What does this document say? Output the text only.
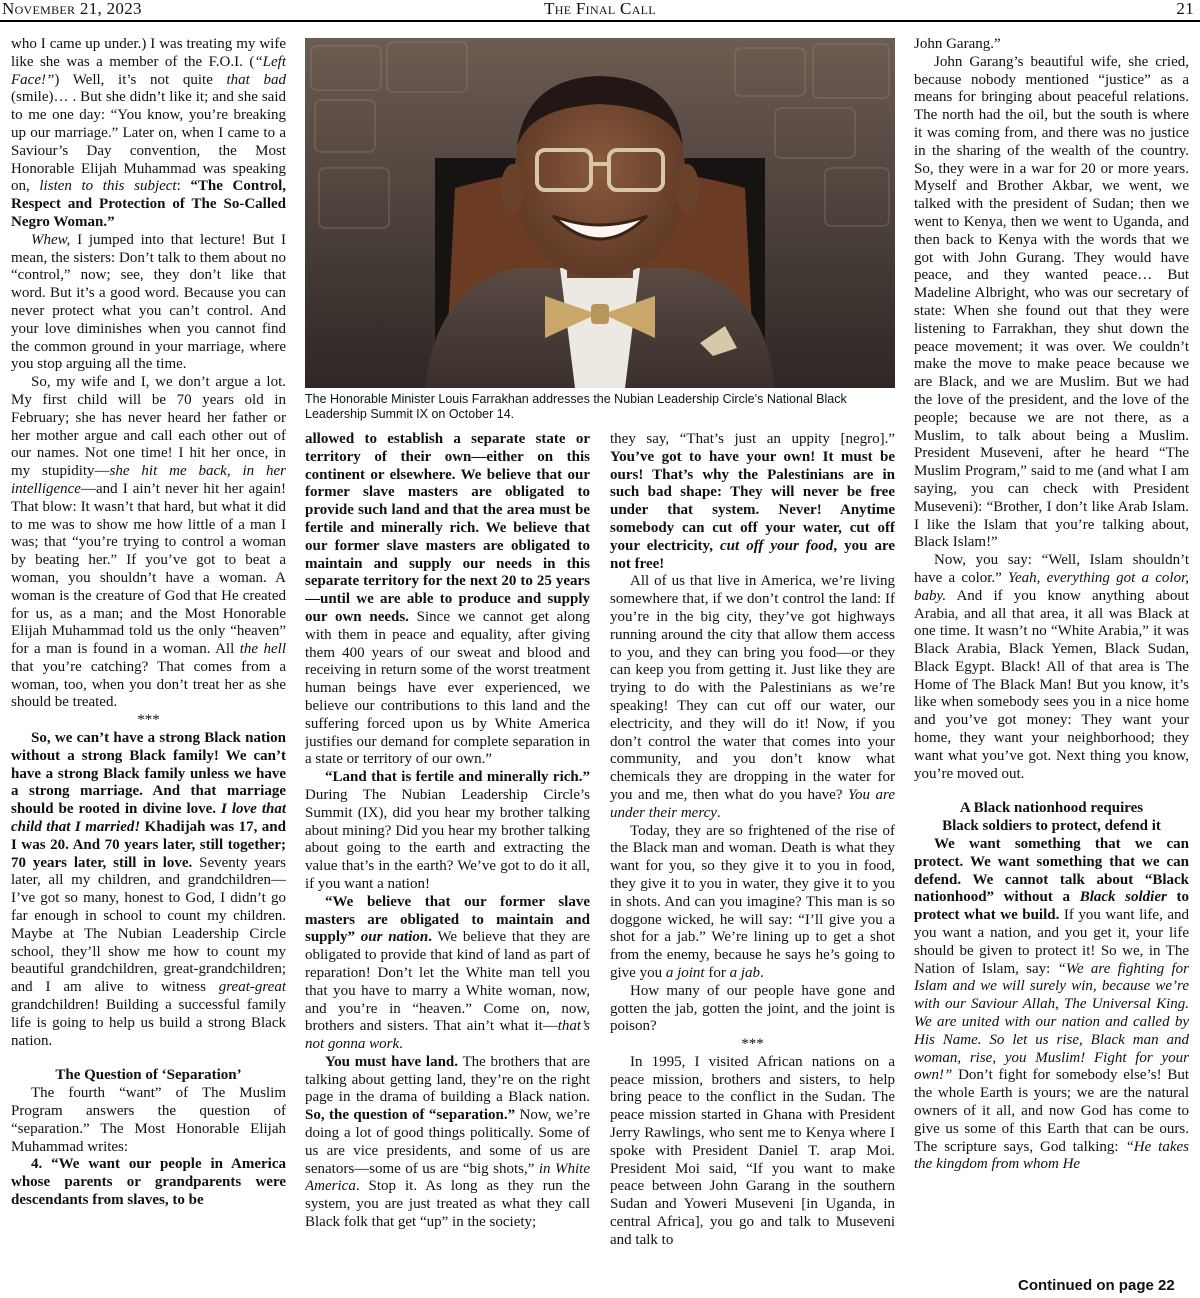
The Final Call
November 21, 2023	21

who I came up under.) I was treating my wife like she was a member of the F.O.I. (“Left Face!”) Well, it’s not quite that bad (smile)… . But she didn’t like it; and she said to me one day: “You know, you’re breaking up our marriage.” Later on, when I came to a Saviour’s Day convention, the Most Honorable Elijah Muhammad was speaking on, listen to this subject: “The Control, Respect and Protection of The So-Called Negro Woman.”

Whew, I jumped into that lecture! But I mean, the sisters: Don’t talk to them about no “control,” now; see, they don’t like that word. But it’s a good word. Because you can never protect what you can’t control. And your love diminishes when you cannot find the common ground in your marriage, where you stop arguing all the time.

So, my wife and I, we don’t argue a lot. My first child will be 70 years old in February; she has never heard her father or her mother argue and call each other out of our names. Not one time! I hit her once, in my stupidity—she hit me back, in her intelligence—and I ain’t never hit her again! That blow: It wasn’t that hard, but what it did to me was to show me how little of a man I was; that “you’re trying to control a woman by beating her.” If you’ve got to beat a woman, you shouldn’t have a woman. A woman is the creature of God that He created for us, as a man; and the Most Honorable Elijah Muhammad told us the only “heaven” for a man is found in a woman. All the hell that you’re catching? That comes from a woman, too, when you don’t treat her as she should be treated.

***

So, we can’t have a strong Black nation without a strong Black family! We can’t have a strong Black family unless we have a strong marriage. And that marriage should be rooted in divine love. I love that child that I married! Khadijah was 17, and I was 20. And 70 years later, still together; 70 years later, still in love. Seventy years later, all my children, and grandchildren—I’ve got so many, honest to God, I didn’t go far enough in school to count my children. Maybe at The Nubian Leadership Circle school, they’ll show me how to count my beautiful grandchildren, great-grandchildren; and I am alive to witness great-great grandchildren! Building a successful family life is going to help us build a strong Black nation.

The Question of ‘Separation’

The fourth “want” of The Muslim Program answers the question of “separation.” The Most Honorable Elijah Muhammad writes:

4. “We want our people in America whose parents or grandparents were descendants from slaves, to be

The Honorable Minister Louis Farrakhan addresses the Nubian Leadership Circle’s National Black Leadership Summit IX on October 14.

allowed to establish a separate state or territory of their own—either on this continent or elsewhere. We believe that our former slave masters are obligated to provide such land and that the area must be fertile and minerally rich. We believe that our former slave masters are obligated to maintain and supply our needs in this separate territory for the next 20 to 25 years—until we are able to produce and supply our own needs. Since we cannot get along with them in peace and equality, after giving them 400 years of our sweat and blood and receiving in return some of the worst treatment human beings have ever experienced, we believe our contributions to this land and the suffering forced upon us by White America justifies our demand for complete separation in a state or territory of our own.”

“Land that is fertile and minerally rich.” During The Nubian Leadership Circle’s Summit (IX), did you hear my brother talking about mining? Did you hear my brother talking about going to the earth and extracting the value that’s in the earth? We’ve got to do it all, if you want a nation!

“We believe that our former slave masters are obligated to maintain and supply” our nation. We believe that they are obligated to provide that kind of land as part of reparation! Don’t let the White man tell you that you have to marry a White woman, now, and you’re in “heaven.” Come on, now, brothers and sisters. That ain’t what it—that’s not gonna work.

You must have land. The brothers that are talking about getting land, they’re on the right page in the drama of building a Black nation. So, the question of “separation.” Now, we’re doing a lot of good things politically. Some of us are vice presidents, and some of us are senators—some of us are “big shots,” in White America. Stop it. As long as they run the system, you are just treated as what they call Black folk that get “up” in the society;

they say, “That’s just an uppity [negro].” You’ve got to have your own! It must be ours! That’s why the Palestinians are in such bad shape: They will never be free under that system. Never! Anytime somebody can cut off your water, cut off your electricity, cut off your food, you are not free!

All of us that live in America, we’re living somewhere that, if we don’t control the land: If you’re in the big city, they’ve got highways running around the city that allow them access to you, and they can bring you food—or they can keep you from getting it. Just like they are trying to do with the Palestinians as we’re speaking! They can cut off our water, our electricity, and they will do it! Now, if you don’t control the water that comes into your community, and you don’t know what chemicals they are dropping in the water for you and me, then what do you have? You are under their mercy.

Today, they are so frightened of the rise of the Black man and woman. Death is what they want for you, so they give it to you in food, they give it to you in water, they give it to you in shots. And can you imagine? This man is so doggone wicked, he will say: “I’ll give you a shot for a jab.” We’re lining up to get a shot from the enemy, because he says he’s going to give you a joint for a jab.

How many of our people have gone and gotten the jab, gotten the joint, and the joint is poison?

***

In 1995, I visited African nations on a peace mission, brothers and sisters, to help bring peace to the conflict in the Sudan. The peace mission started in Ghana with President Jerry Rawlings, who sent me to Kenya where I spoke with President Daniel T. arap Moi. President Moi said, “If you want to make peace between John Garang in the southern Sudan and Yoweri Museveni [in Uganda, in central Africa], you go and talk to Museveni and talk to

John Garang.”

John Garang’s beautiful wife, she cried, because nobody mentioned “justice” as a means for bringing about peaceful relations. The north had the oil, but the south is where it was coming from, and there was no justice in the sharing of the wealth of the country. So, they were in a war for 20 or more years. Myself and Brother Akbar, we went, we talked with the president of Sudan; then we went to Kenya, then we went to Uganda, and then back to Kenya with the words that we got with John Gurang. They would have peace, and they wanted peace… But Madeline Albright, who was our secretary of state: When she found out that they were listening to Farrakhan, they shut down the peace movement; it was over. We couldn’t make the move to make peace because we are Black, and we are Muslim. But we had the love of the president, and the love of the people; because we are not there, as a Muslim, to talk about being a Muslim. President Museveni, after he heard “The Muslim Program,” said to me (and what I am saying, you can check with President Museveni): “Brother, I don’t like Arab Islam. I like the Islam that you’re talking about, Black Islam!”

Now, you say: “Well, Islam shouldn’t have a color.” Yeah, everything got a color, baby. And if you know anything about Arabia, and all that area, it all was Black at one time. It wasn’t no “White Arabia,” it was Black Arabia, Black Yemen, Black Sudan, Black Egypt. Black! All of that area is The Home of The Black Man! But you know, it’s like when somebody sees you in a nice home and you’ve got money: They want your home, they want your neighborhood; they want what you’ve got. Next thing you know, you’re moved out.

A Black nationhood requires
Black soldiers to protect, defend it

We want something that we can protect. We want something that we can defend. We cannot talk about “Black nationhood” without a Black soldier to protect what we build. If you want life, and you want a nation, and you get it, your life should be given to protect it! So we, in The Nation of Islam, say: “We are fighting for Islam and we will surely win, because we’re with our Saviour Allah, The Universal King. We are united with our nation and called by His Name. So let us rise, Black man and woman, rise, you Muslim! Fight for your own!” Don’t fight for somebody else’s! But the whole Earth is yours; we are the natural owners of it all, and now God has come to give us some of this Earth that can be ours. The scripture says, God talking: “He takes the kingdom from whom He

Continued on page 22
